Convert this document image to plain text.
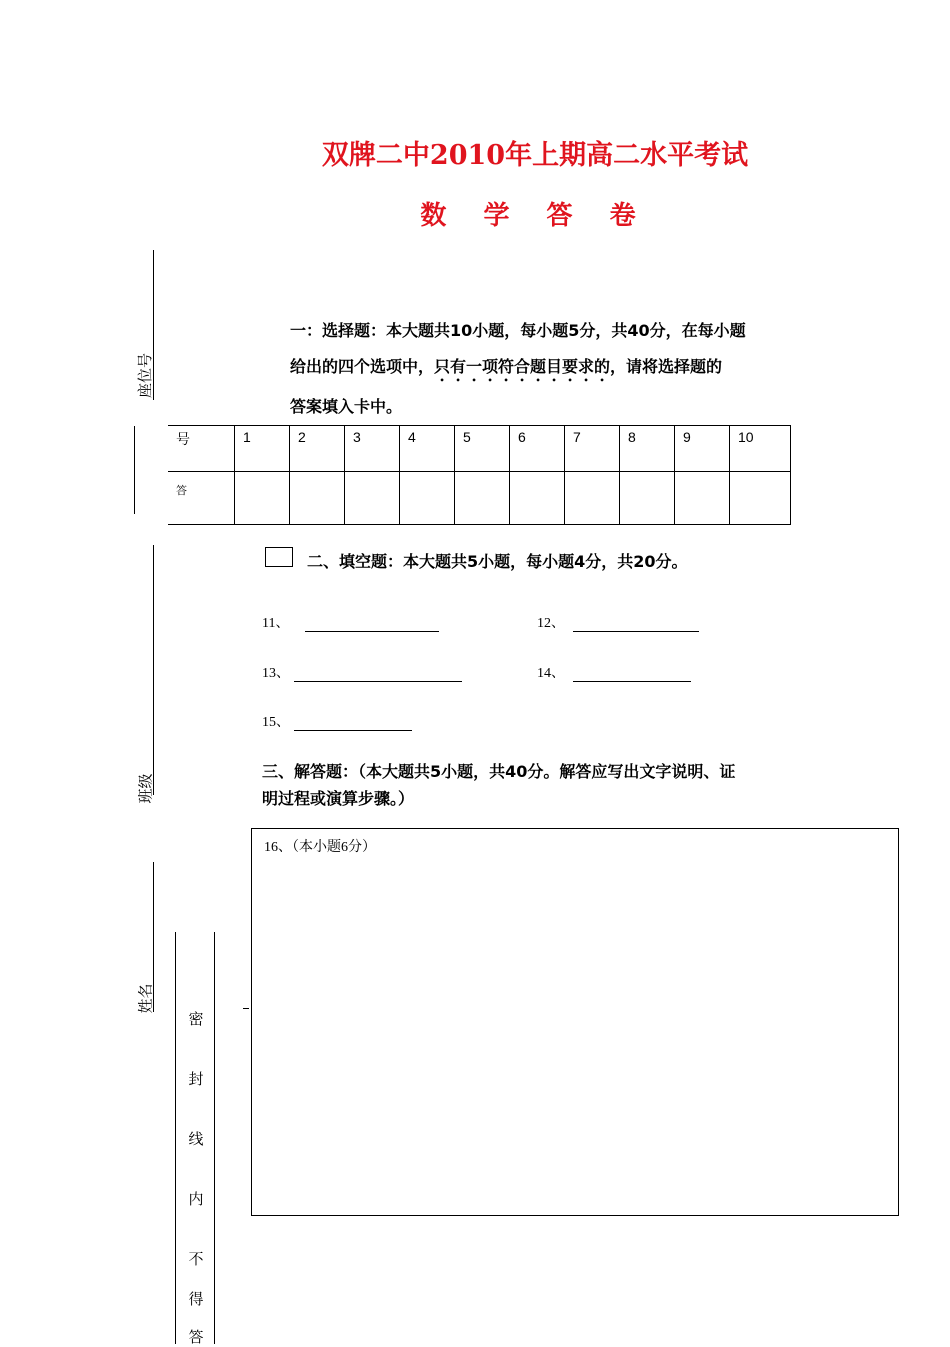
双牌二中2010年上期高二水平考试
数 学 答 卷
座位号
班级
姓名
密
封
线
内
不
得
答
一：选择题：本大题共10小题，每小题5分，共40分，在每小题
给出的四个选项中，只有一项符合题目要求的，请将选择题的
答案填入卡中。
号	1	2	3	4	5	6	7	8	9	10
答										
二、填空题：本大题共5小题，每小题4分，共20分。
11、	12、
13、	14、
15、
三、解答题：（本大题共5小题，共40分。解答应写出文字说明、证
明过程或演算步骤。）
16、（本小题6分）
